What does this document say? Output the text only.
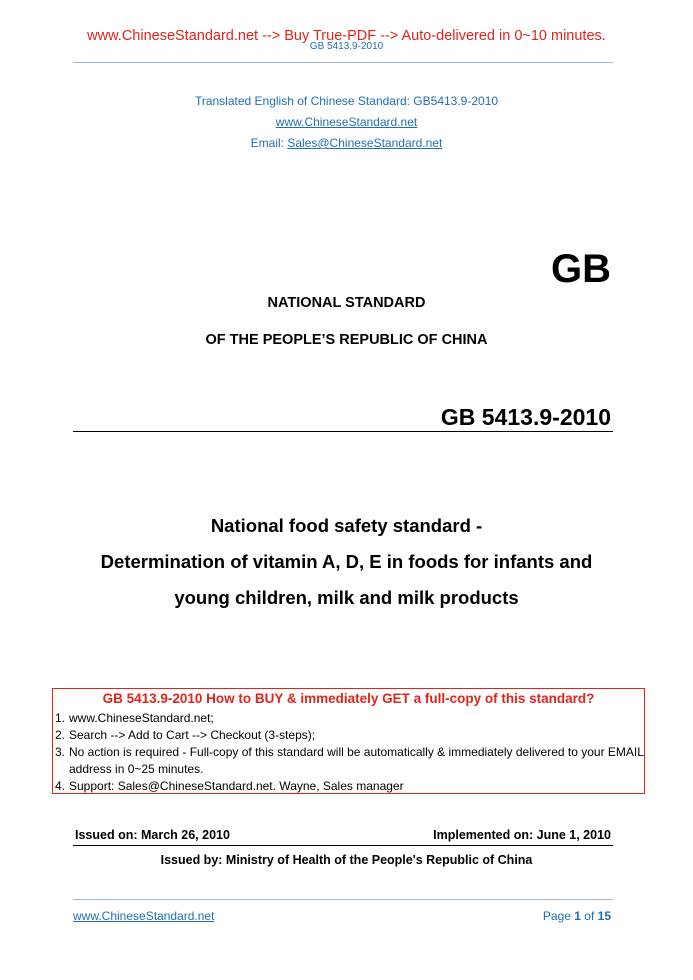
www.ChineseStandard.net --> Buy True-PDF --> Auto-delivered in 0~10 minutes.
GB 5413.9-2010
Translated English of Chinese Standard: GB5413.9-2010
www.ChineseStandard.net
Email: Sales@ChineseStandard.net
GB
NATIONAL STANDARD
OF THE PEOPLE’S REPUBLIC OF CHINA
GB 5413.9-2010
National food safety standard -
Determination of vitamin A, D, E in foods for infants and
young children, milk and milk products
GB 5413.9-2010 How to BUY & immediately GET a full-copy of this standard?
1. www.ChineseStandard.net;
2. Search --> Add to Cart --> Checkout (3-steps);
3. No action is required - Full-copy of this standard will be automatically & immediately delivered to your EMAIL address in 0~25 minutes.
4. Support: Sales@ChineseStandard.net. Wayne, Sales manager
Issued on: March 26, 2010	Implemented on: June 1, 2010
Issued by: Ministry of Health of the People's Republic of China
www.ChineseStandard.net	Page 1 of 15
